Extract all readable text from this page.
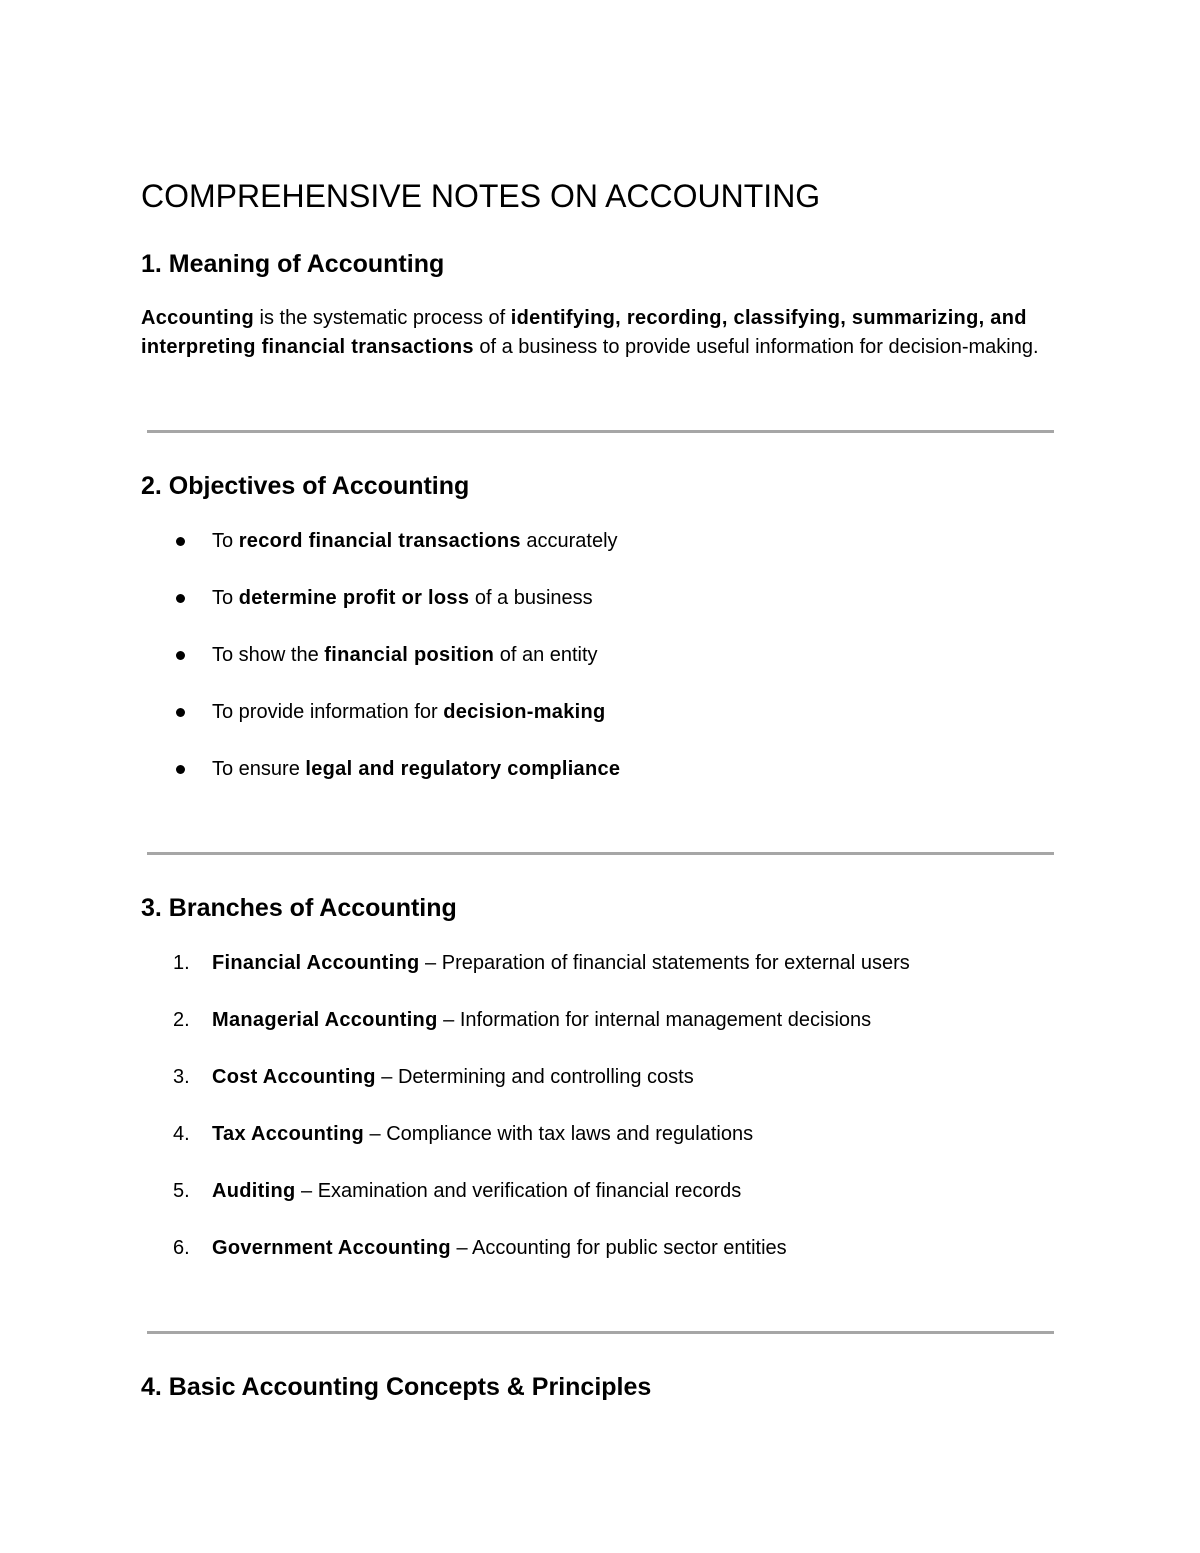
COMPREHENSIVE NOTES ON ACCOUNTING
1. Meaning of Accounting

Accounting is the systematic process of identifying, recording, classifying, summarizing, and interpreting financial transactions of a business to provide useful information for decision-making.

2. Objectives of Accounting
To record financial transactions accurately
To determine profit or loss of a business
To show the financial position of an entity
To provide information for decision-making
To ensure legal and regulatory compliance
3. Branches of Accounting
1. Financial Accounting – Preparation of financial statements for external users
2. Managerial Accounting – Information for internal management decisions
3. Cost Accounting – Determining and controlling costs
4. Tax Accounting – Compliance with tax laws and regulations
5. Auditing – Examination and verification of financial records
6. Government Accounting – Accounting for public sector entities
4. Basic Accounting Concepts & Principles
